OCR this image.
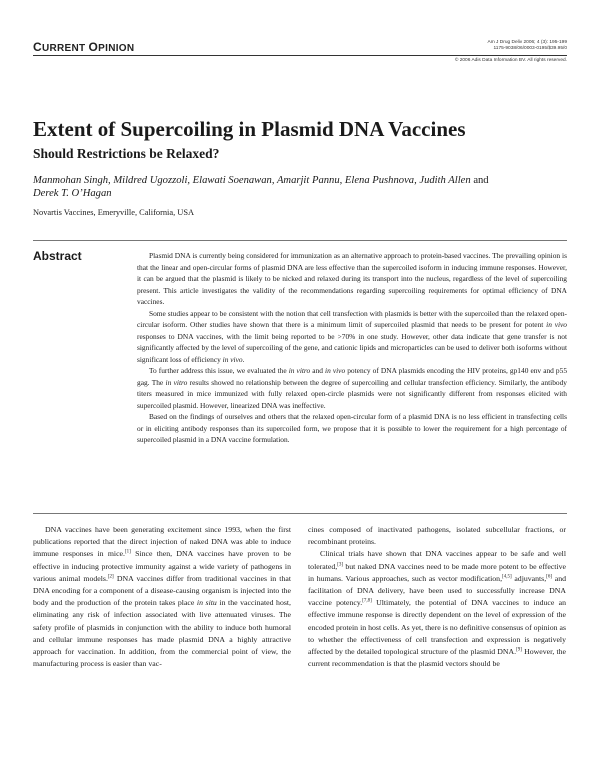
CURRENT OPINION
Am J Drug Deliv 2006; 4 (3): 195-199
1175-9038/06/0003-0195/$39.95/0
© 2006 Adis Data Information BV. All rights reserved.
Extent of Supercoiling in Plasmid DNA Vaccines
Should Restrictions be Relaxed?
Manmohan Singh, Mildred Ugozzoli, Elawati Soenawan, Amarjit Pannu, Elena Pushnova, Judith Allen and
Derek T. O’Hagan
Novartis Vaccines, Emeryville, California, USA
Abstract	Plasmid DNA is currently being considered for immunization as an alternative approach to protein-based vaccines. The prevailing opinion is that the linear and open-circular forms of plasmid DNA are less effective than the supercoiled isoform in inducing immune responses. However, it can be argued that the plasmid is likely to be nicked and relaxed during its transport into the nucleus, regardless of the level of supercoiling present. This article investigates the validity of the recommendations regarding supercoiling requirements for optimal efficiency of DNA vaccines.

Some studies appear to be consistent with the notion that cell transfection with plasmids is better with the supercoiled than the relaxed open-circular isoform. Other studies have shown that there is a minimum limit of supercoiled plasmid that needs to be present for potent in vivo responses to DNA vaccines, with the limit being reported to be >70% in one study. However, other data indicate that gene transfer is not significantly affected by the level of supercoiling of the gene, and cationic lipids and microparticles can be used to deliver both isoforms without significant loss of efficiency in vivo.

To further address this issue, we evaluated the in vitro and in vivo potency of DNA plasmids encoding the HIV proteins, gp140 env and p55 gag. The in vitro results showed no relationship between the degree of supercoiling and cellular transfection efficiency. Similarly, the antibody titers measured in mice immunized with fully relaxed open-circle plasmids were not significantly different from responses elicited with supercoiled plasmid. However, linearized DNA was ineffective.

Based on the findings of ourselves and others that the relaxed open-circular form of a plasmid DNA is no less efficient in transfecting cells or in eliciting antibody responses than its supercoiled form, we propose that it is possible to lower the requirement for a high percentage of supercoiled plasmid in a DNA vaccine formulation.

DNA vaccines have been generating excitement since 1993, when the first publications reported that the direct injection of naked DNA was able to induce immune responses in mice.[1] Since then, DNA vaccines have proven to be effective in inducing protective immunity against a wide variety of pathogens in various animal models.[2] DNA vaccines differ from traditional vaccines in that DNA encoding for a component of a disease-causing organism is injected into the body and the production of the protein takes place in situ in the vaccinated host, eliminating any risk of infection associated with live attenuated viruses. The safety profile of plasmids in conjunction with the ability to induce both humoral and cellular immune responses has made plasmid DNA a highly attractive approach for vaccination. In addition, from the commercial point of view, the manufacturing process is easier than vac-

cines composed of inactivated pathogens, isolated subcellular fractions, or recombinant proteins.

Clinical trials have shown that DNA vaccines appear to be safe and well tolerated,[3] but naked DNA vaccines need to be made more potent to be effective in humans. Various approaches, such as vector modification,[4,5] adjuvants,[6] and facilitation of DNA delivery, have been used to successfully increase DNA vaccine potency.[7,8] Ultimately, the potential of DNA vaccines to induce an effective immune response is directly dependent on the level of expression of the encoded protein in host cells. As yet, there is no definitive consensus of opinion as to whether the effectiveness of cell transfection and expression is negatively affected by the detailed topological structure of the plasmid DNA.[9] However, the current recommendation is that the plasmid vectors should be
